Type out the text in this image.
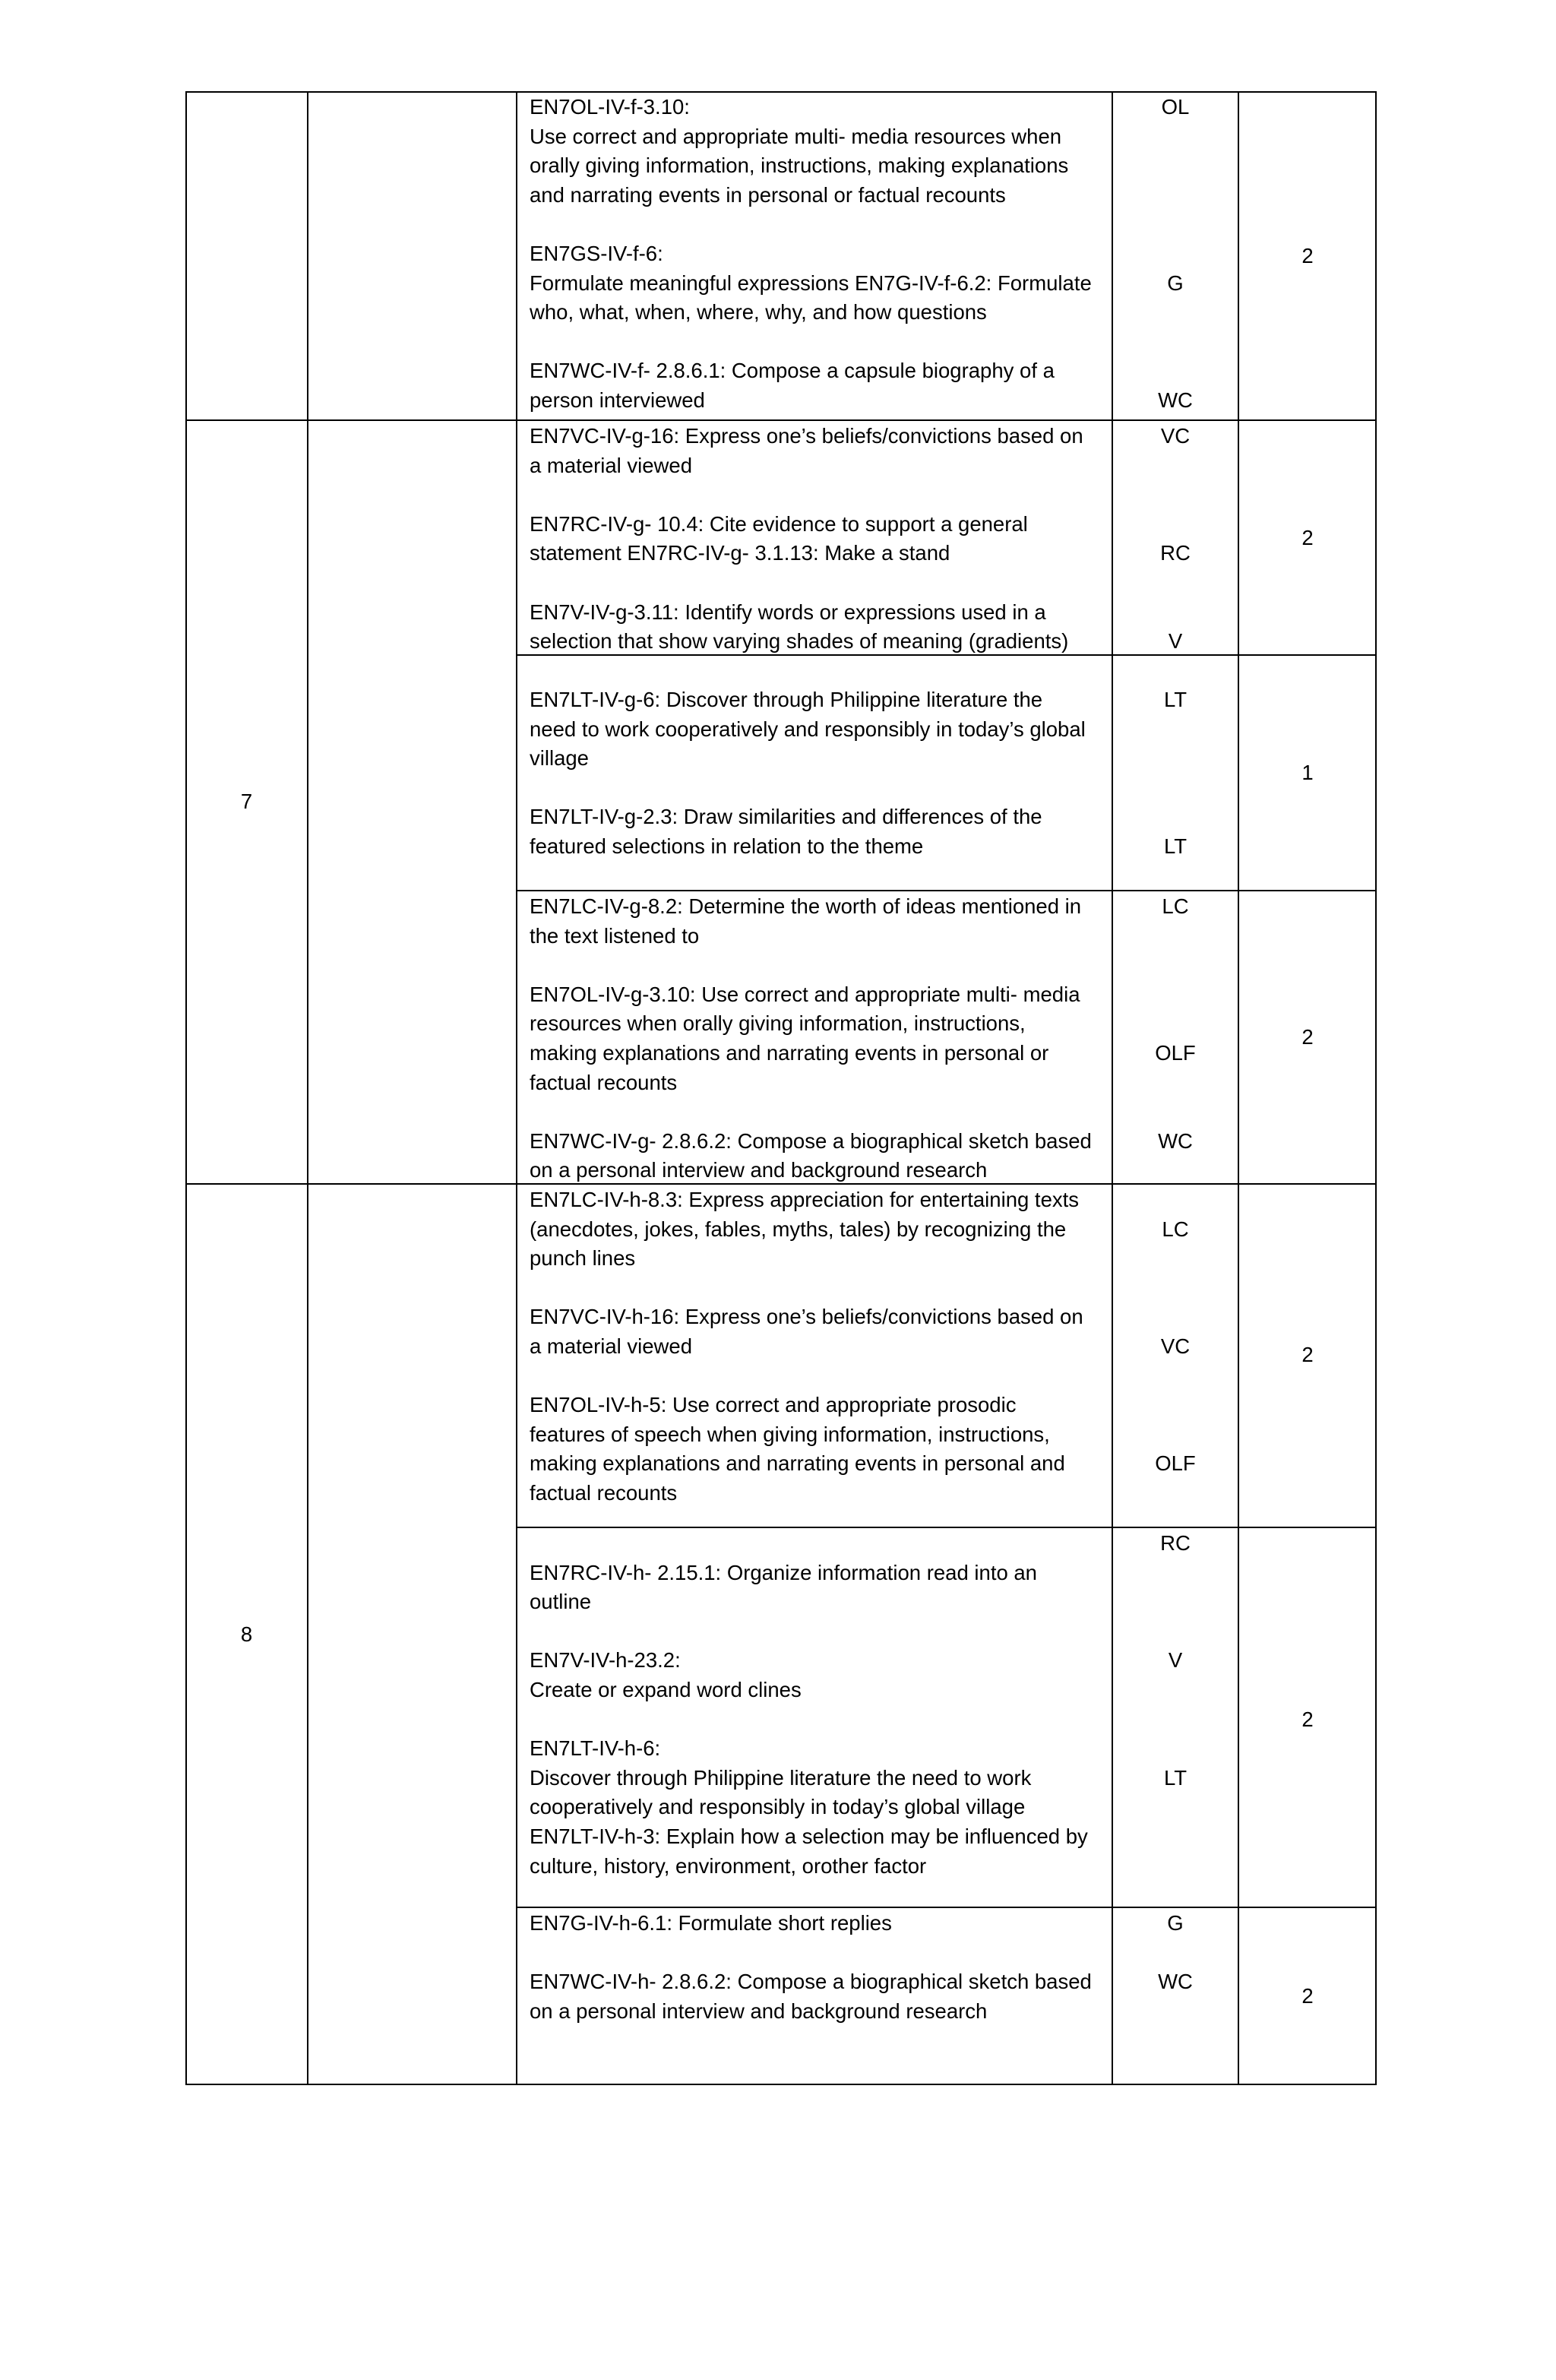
7
8
EN7OL-IV-f-3.10:
Use correct and appropriate multi- media resources when
orally giving information, instructions, making explanations
and narrating events in personal or factual recounts

EN7GS-IV-f-6:
Formulate meaningful expressions EN7G-IV-f-6.2: Formulate
who, what, when, where, why, and how questions

EN7WC-IV-f- 2.8.6.1: Compose a capsule biography of a
person interviewed
OL

G

WC
2
EN7VC-IV-g-16: Express one’s beliefs/convictions based on
a material viewed

EN7RC-IV-g- 10.4: Cite evidence to support a general
statement EN7RC-IV-g- 3.1.13: Make a stand

EN7V-IV-g-3.11: Identify words or expressions used in a
selection that show varying shades of meaning (gradients)
VC

RC

V
2
EN7LT-IV-g-6: Discover through Philippine literature the
need to work cooperatively and responsibly in today’s global
village

EN7LT-IV-g-2.3: Draw similarities and differences of the
featured selections in relation to the theme
LT

LT
1
EN7LC-IV-g-8.2: Determine the worth of ideas mentioned in
the text listened to

EN7OL-IV-g-3.10: Use correct and appropriate multi- media
resources when orally giving information, instructions,
making explanations and narrating events in personal or
factual recounts

EN7WC-IV-g- 2.8.6.2: Compose a biographical sketch based
on a personal interview and background research
LC

OLF

WC

2
EN7LC-IV-h-8.3: Express appreciation for entertaining texts
(anecdotes, jokes, fables, myths, tales) by recognizing the
punch lines

EN7VC-IV-h-16: Express one’s beliefs/convictions based on
a material viewed

EN7OL-IV-h-5: Use correct and appropriate prosodic
features of speech when giving information, instructions,
making explanations and narrating events in personal and
factual recounts

LC

VC

OLF

2

EN7RC-IV-h- 2.15.1: Organize information read into an
outline

EN7V-IV-h-23.2:
Create or expand word clines

EN7LT-IV-h-6:
Discover through Philippine literature the need to work
cooperatively and responsibly in today’s global village
EN7LT-IV-h-3: Explain how a selection may be influenced by
culture, history, environment, orother factor
RC

V

LT

2
EN7G-IV-h-6.1: Formulate short replies

EN7WC-IV-h- 2.8.6.2: Compose a biographical sketch based
on a personal interview and background research
G

WC

2
